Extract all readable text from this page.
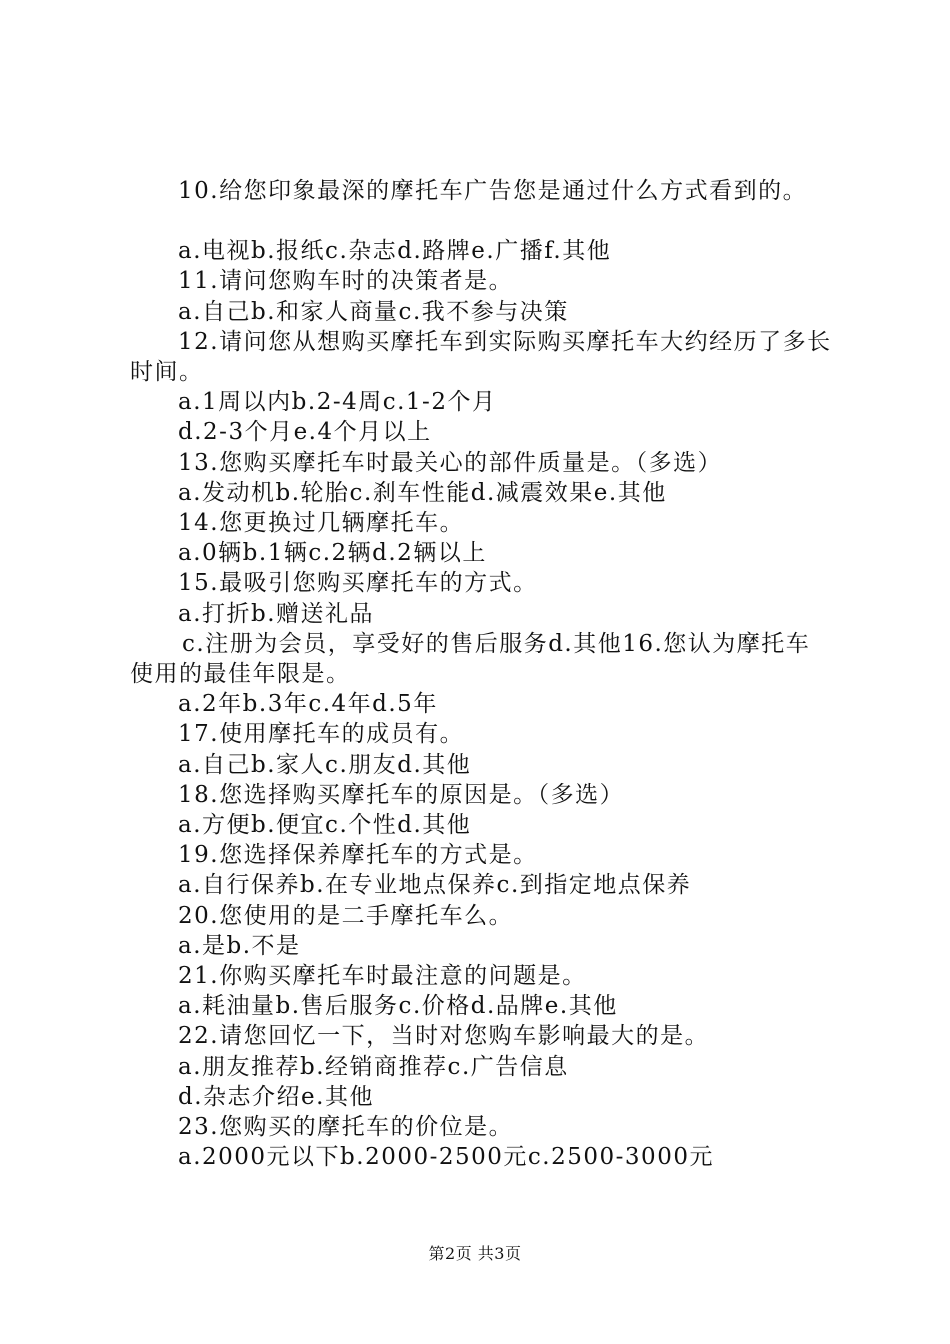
10.给您印象最深的摩托车广告您是通过什么方式看到的。
a.电视b.报纸c.杂志d.路牌e.广播f.其他
11.请问您购车时的决策者是。
a.自己b.和家人商量c.我不参与决策
12.请问您从想购买摩托车到实际购买摩托车大约经历了多长时间。
a.1周以内b.2-4周c.1-2个月
d.2-3个月e.4个月以上
13.您购买摩托车时最关心的部件质量是。（多选）
a.发动机b.轮胎c.刹车性能d.减震效果e.其他
14.您更换过几辆摩托车。
a.0辆b.1辆c.2辆d.2辆以上
15.最吸引您购买摩托车的方式。
a.打折b.赠送礼品
c.注册为会员，享受好的售后服务d.其他16.您认为摩托车使用的最佳年限是。
a.2年b.3年c.4年d.5年
17.使用摩托车的成员有。
a.自己b.家人c.朋友d.其他
18.您选择购买摩托车的原因是。（多选）
a.方便b.便宜c.个性d.其他
19.您选择保养摩托车的方式是。
a.自行保养b.在专业地点保养c.到指定地点保养
20.您使用的是二手摩托车么。
a.是b.不是
21.你购买摩托车时最注意的问题是。
a.耗油量b.售后服务c.价格d.品牌e.其他
22.请您回忆一下，当时对您购车影响最大的是。
a.朋友推荐b.经销商推荐c.广告信息
d.杂志介绍e.其他
23.您购买的摩托车的价位是。
a.2000元以下b.2000-2500元c.2500-3000元
第2页 共3页
